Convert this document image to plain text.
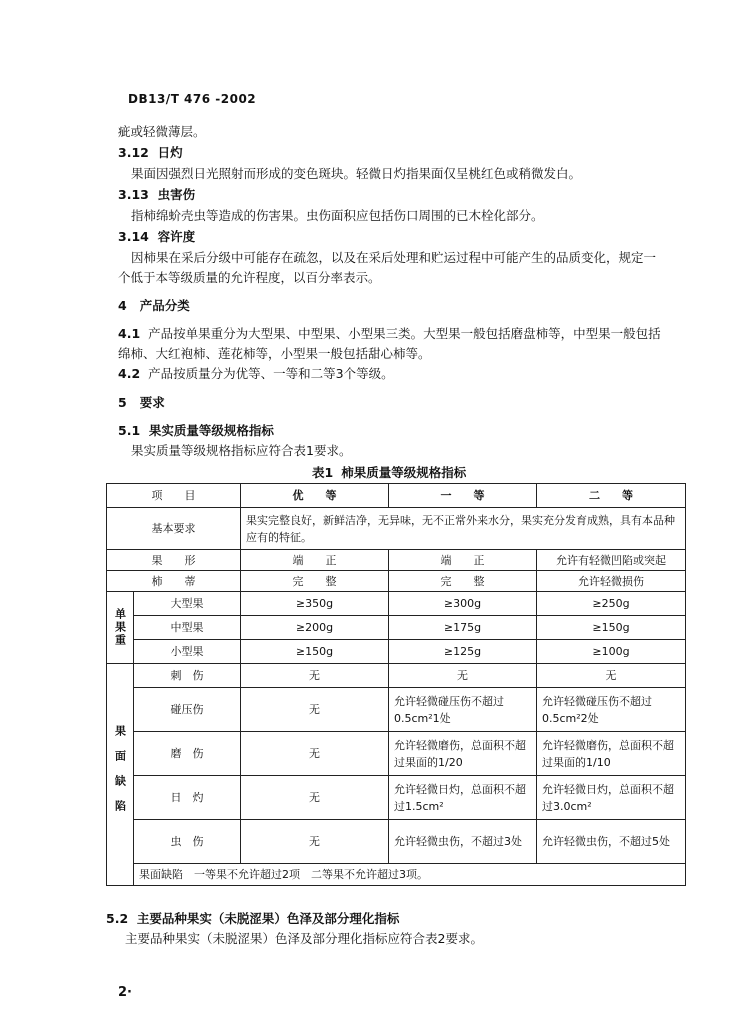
DB13/T 476 -2002
疵或轻微薄层。
3.12 日灼
果面因强烈日光照射而形成的变色斑块。轻微日灼指果面仅呈桃红色或稍微发白。
3.13 虫害伤
指柿绵蚧壳虫等造成的伤害果。虫伤面积应包括伤口周围的已木栓化部分。
3.14 容许度
因柿果在采后分级中可能存在疏忽，以及在采后处理和贮运过程中可能产生的品质变化，规定一
个低于本等级质量的允许程度，以百分率表示。
4 产品分类
4.1 产品按单果重分为大型果、中型果、小型果三类。大型果一般包括磨盘柿等，中型果一般包括
绵柿、大红袍柿、莲花柿等，小型果一般包括甜心柿等。
4.2 产品按质量分为优等、一等和二等3个等级。
5 要求
5.1 果实质量等级规格指标
果实质量等级规格指标应符合表1要求。
表1 柿果质量等级规格指标
项　　目		优　　等	一　　等	二　　等
基本要求		果实完整良好，新鲜洁净，无异味，无不正常外来水分，果实充分发育成熟，具有本品种应有的特征。		
果　　形		端　　正	端　　正	允许有轻微凹陷或突起
柿　　蒂		完　　整	完　　整	允许轻微损伤
单果重	大型果	≥350g	≥300g	≥250g
	中型果	≥200g	≥175g	≥150g
	小型果	≥150g	≥125g	≥100g
果面缺陷	刺　伤	无	无	无
	碰压伤	无	允许轻微碰压伤不超过0.5cm²1处	允许轻微碰压伤不超过0.5cm²2处
	磨　伤	无	允许轻微磨伤，总面积不超过果面的1/20	允许轻微磨伤，总面积不超过果面的1/10
	日　灼	无	允许轻微日灼，总面积不超过1.5cm²	允许轻微日灼，总面积不超过3.0cm²
	虫　伤	无	允许轻微虫伤，不超过3处	允许轻微虫伤，不超过5处
	果面缺陷　一等果不允许超过2项　二等果不允许超过3项。			
5.2 主要品种果实（未脱涩果）色泽及部分理化指标
主要品种果实（未脱涩果）色泽及部分理化指标应符合表2要求。
2·
